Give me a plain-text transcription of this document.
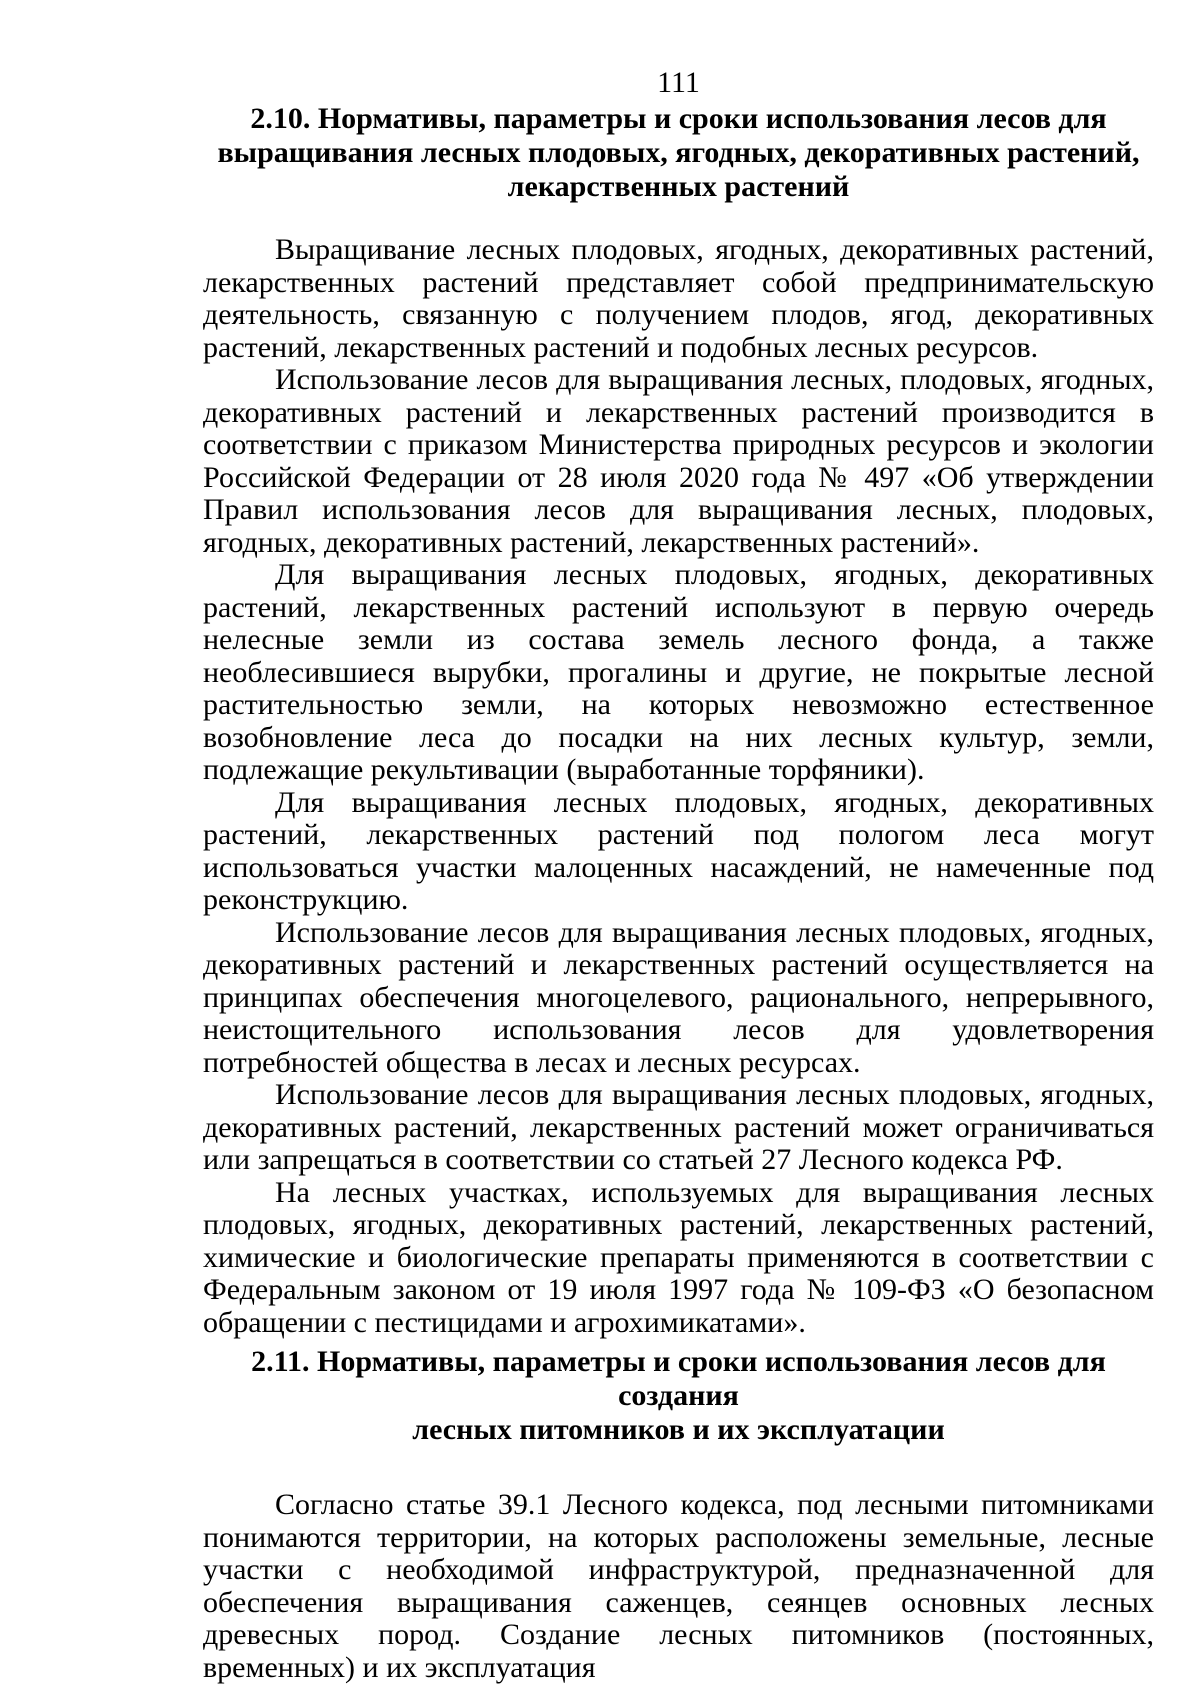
111
2.10. Нормативы, параметры и сроки использования лесов для
выращивания лесных плодовых, ягодных, декоративных растений,
лекарственных растений

Выращивание лесных плодовых, ягодных, декоративных растений, лекарственных растений представляет собой предпринимательскую деятельность, связанную с получением плодов, ягод, декоративных растений, лекарственных растений и подобных лесных ресурсов.

Использование лесов для выращивания лесных, плодовых, ягодных, декоративных растений и лекарственных растений производится в соответствии с приказом Министерства природных ресурсов и экологии Российской Федерации от 28 июля 2020 года № 497 «Об утверждении Правил использования лесов для выращивания лесных, плодовых, ягодных, декоративных растений, лекарственных растений».

Для выращивания лесных плодовых, ягодных, декоративных растений, лекарственных растений используют в первую очередь нелесные земли из состава земель лесного фонда, а также необлесившиеся вырубки, прогалины и другие, не покрытые лесной растительностью земли, на которых невозможно естественное возобновление леса до посадки на них лесных культур, земли, подлежащие рекультивации (выработанные торфяники).

Для выращивания лесных плодовых, ягодных, декоративных растений, лекарственных растений под пологом леса могут использоваться участки малоценных насаждений, не намеченные под реконструкцию.

Использование лесов для выращивания лесных плодовых, ягодных, декоративных растений и лекарственных растений осуществляется на принципах обеспечения многоцелевого, рационального, непрерывного, неистощительного использования лесов для удовлетворения потребностей общества в лесах и лесных ресурсах.

Использование лесов для выращивания лесных плодовых, ягодных, декоративных растений, лекарственных растений может ограничиваться или запрещаться в соответствии со статьей 27 Лесного кодекса РФ.

На лесных участках, используемых для выращивания лесных плодовых, ягодных, декоративных растений, лекарственных растений, химические и биологические препараты применяются в соответствии с Федеральным законом от 19 июля 1997 года № 109-ФЗ «О безопасном обращении с пестицидами и агрохимикатами».

2.11. Нормативы, параметры и сроки использования лесов для создания
лесных питомников и их эксплуатации

Согласно статье 39.1 Лесного кодекса, под лесными питомниками понимаются территории, на которых расположены земельные, лесные участки с необходимой инфраструктурой, предназначенной для обеспечения выращивания саженцев, сеянцев основных лесных древесных пород. Создание лесных питомников (постоянных, временных) и их эксплуатация
